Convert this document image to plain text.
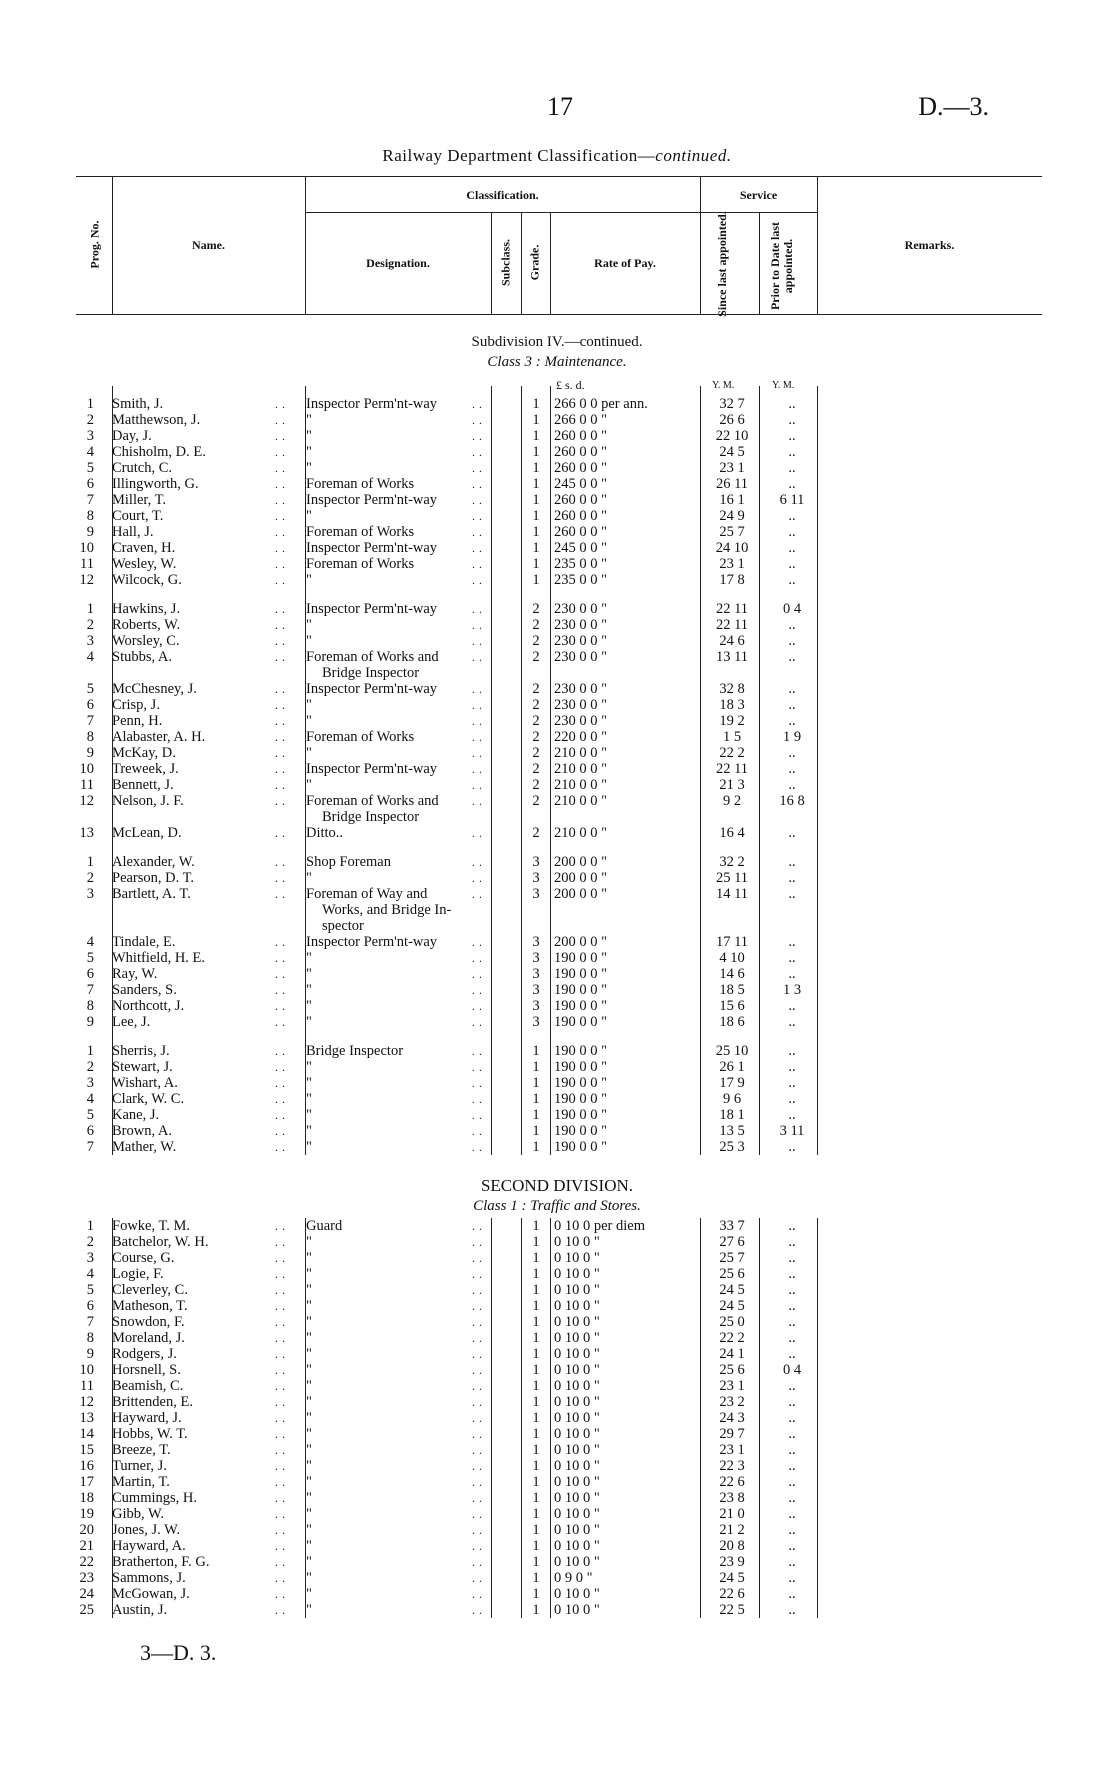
17	D.—3.
Railway Department Classification—continued.
Prog. No.	Name.
Classification.	Service
Designation.	Subclass. Grade.	Rate of Pay.	Since last appointed.	Prior to Date last appointed.	Remarks.
Subdivision IV.—continued.
Class 3 : Maintenance.
£ s. d.	Y. M.	Y. M.
SECOND DIVISION.
Class 1 : Traffic and Stores.
1 Smith, J.	.. Inspector Perm'nt-way	..	1 266 0 0 per ann.	32 7	..
2 Matthewson, J.	.. "	..	1 266 0 0 "	26 6	..
3 Day, J.	.. "	..	1 260 0 0 "	22 10	..
4 Chisholm, D. E.	.. "	..	1 260 0 0 "	24 5	..
5 Crutch, C.	.. "	..	1 260 0 0 "	23 1	..
6 Illingworth, G.	.. Foreman of Works	..	1 245 0 0 "	26 11	..
7 Miller, T.	.. Inspector Perm'nt-way	..	1 260 0 0 "	16 1	6 11
8 Court, T.	.. "	..	1 260 0 0 "	24 9	..
9 Hall, J.	.. Foreman of Works	..	1 260 0 0 "	25 7	..
10 Craven, H.	.. Inspector Perm'nt-way	..	1 245 0 0 "	24 10	..
11 Wesley, W.	.. Foreman of Works	..	1 235 0 0 "	23 1	..
12 Wilcock, G.	.. "	..	1 235 0 0 "	17 8	..
1 Hawkins, J.	.. Inspector Perm'nt-way	..	2 230 0 0 "	22 11	0 4
2 Roberts, W.	.. "	..	2 230 0 0 "	22 11	..
3 Worsley, C.	.. "	..	2 230 0 0 "	24 6	..
4 Stubbs, A.	.. Foreman of Works and	..	2 230 0 0 "	13 11	..
Bridge Inspector
5 McChesney, J.	.. Inspector Perm'nt-way	..	2 230 0 0 "	32 8	..
6 Crisp, J.	.. "	..	2 230 0 0 "	18 3	..
7 Penn, H.	.. "	..	2 230 0 0 "	19 2	..
8 Alabaster, A. H.	.. Foreman of Works	..	2 220 0 0 "	1 5	1 9
9 McKay, D.	.. "	..	2 210 0 0 "	22 2	..
10 Treweek, J.	.. Inspector Perm'nt-way	..	2 210 0 0 "	22 11	..
11 Bennett, J.	.. "	..	2 210 0 0 "	21 3	..
12 Nelson, J. F.	.. Foreman of Works and	..	2 210 0 0 "	9 2	16 8
Bridge Inspector
13 McLean, D.	.. Ditto..	..	2 210 0 0 "	16 4	..
1 Alexander, W.	.. Shop Foreman	..	3 200 0 0 "	32 2	..
2 Pearson, D. T.	.. "	..	3 200 0 0 "	25 11	..
3 Bartlett, A. T.	.. Foreman of Way and	..	3 200 0 0 "	14 11	..
Works, and Bridge In-
spector
4 Tindale, E.	.. Inspector Perm'nt-way	..	3 200 0 0 "	17 11	..
5 Whitfield, H. E.	.. "	..	3 190 0 0 "	4 10	..
6 Ray, W.	.. "	..	3 190 0 0 "	14 6	..
7 Sanders, S.	.. "	..	3 190 0 0 "	18 5	1 3
8 Northcott, J.	.. "	..	3 190 0 0 "	15 6	..
9 Lee, J.	.. "	..	3 190 0 0 "	18 6	..
1 Sherris, J.	.. Bridge Inspector	..	1 190 0 0 "	25 10	..
2 Stewart, J.	.. "	..	1 190 0 0 "	26 1	..
3 Wishart, A.	.. "	..	1 190 0 0 "	17 9	..
4 Clark, W. C.	.. "	..	1 190 0 0 "	9 6	..
5 Kane, J.	.. "	..	1 190 0 0 "	18 1	..
6 Brown, A.	.. "	..	1 190 0 0 "	13 5	3 11
7 Mather, W.	.. "	..	1 190 0 0 "	25 3	..
1 Fowke, T. M.	.. Guard	..	1 0 10 0 per diem	33 7	..
2 Batchelor, W. H.	.. "	..	1 0 10 0 "	27 6	..
3 Course, G.	.. "	..	1 0 10 0 "	25 7	..
4 Logie, F.	.. "	..	1 0 10 0 "	25 6	..
5 Cleverley, C.	.. "	..	1 0 10 0 "	24 5	..
6 Matheson, T.	.. "	..	1 0 10 0 "	24 5	..
7 Snowdon, F.	.. "	..	1 0 10 0 "	25 0	..
8 Moreland, J.	.. "	..	1 0 10 0 "	22 2	..
9 Rodgers, J.	.. "	..	1 0 10 0 "	24 1	..
10 Horsnell, S.	.. "	..	1 0 10 0 "	25 6	0 4
11 Beamish, C.	.. "	..	1 0 10 0 "	23 1	..
12 Brittenden, E.	.. "	..	1 0 10 0 "	23 2	..
13 Hayward, J.	.. "	..	1 0 10 0 "	24 3	..
14 Hobbs, W. T.	.. "	..	1 0 10 0 "	29 7	..
15 Breeze, T.	.. "	..	1 0 10 0 "	23 1	..
16 Turner, J.	.. "	..	1 0 10 0 "	22 3	..
17 Martin, T.	.. "	..	1 0 10 0 "	22 6	..
18 Cummings, H.	.. "	..	1 0 10 0 "	23 8	..
19 Gibb, W.	.. "	..	1 0 10 0 "	21 0	..
20 Jones, J. W.	.. "	..	1 0 10 0 "	21 2	..
21 Hayward, A.	.. "	..	1 0 10 0 "	20 8	..
22 Bratherton, F. G.	.. "	..	1 0 10 0 "	23 9	..
23 Sammons, J.	.. "	..	1 0 9 0 "	24 5	..
24 McGowan, J.	.. "	..	1 0 10 0 "	22 6	..
25 Austin, J.	.. "	..	1 0 10 0 "	22 5	..
3—D. 3.
